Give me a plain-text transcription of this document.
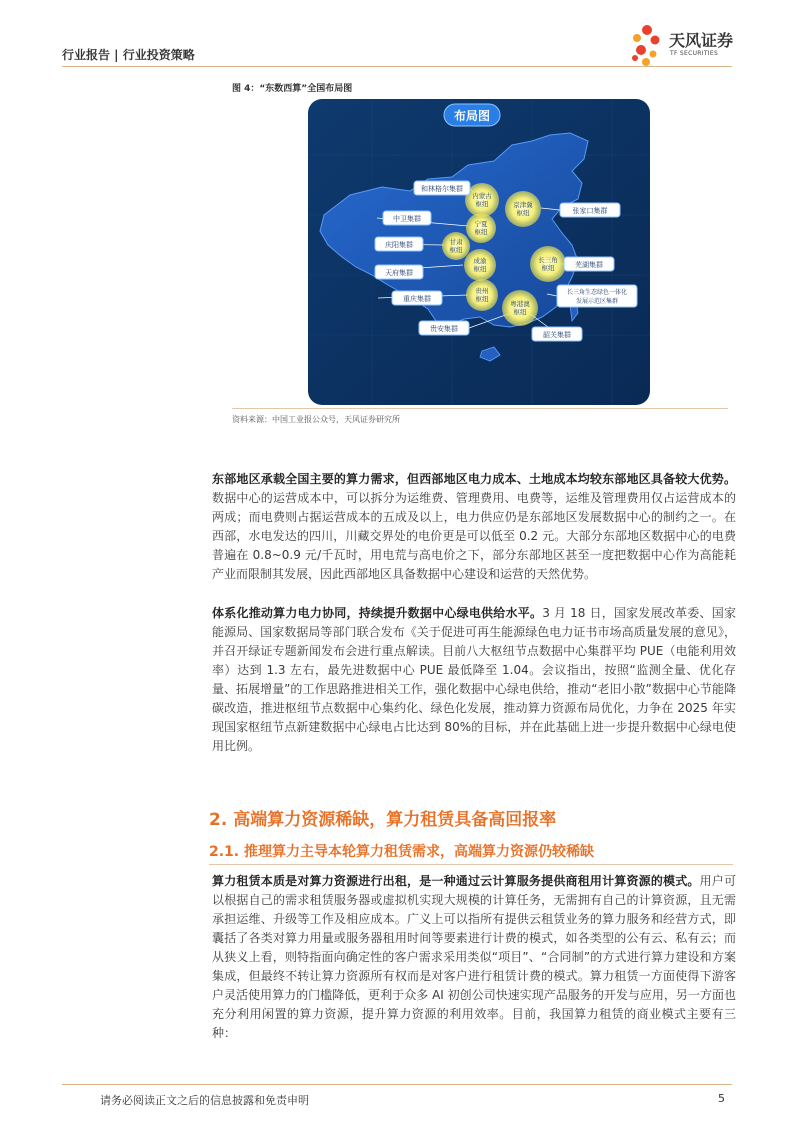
行业报告 | 行业投资策略
天风证券
TF SECURITIES
图 4：“东数西算”全国布局图
布局图
内蒙古
枢纽	京津冀
枢纽
宁夏
枢纽
甘肃
枢纽
成渝
枢纽
长三角
枢纽
贵州
枢纽
粤港澳
枢纽
和林格尔集群
张家口集群
中卫集群
庆阳集群
芜湖集群
天府集群
长三角生态绿色一体化
发展示范区集群
重庆集群
贵安集群
韶关集群
资料来源：中国工业报公众号，天风证券研究所

东部地区承载全国主要的算力需求，但西部地区电力成本、土地成本均较东部地区具备较大优势。数据中心的运营成本中，可以拆分为运维费、管理费用、电费等，运维及管理费用仅占运营成本的两成；而电费则占据运营成本的五成及以上，电力供应仍是东部地区发展数据中心的制约之一。在西部，水电发达的四川，川藏交界处的电价更是可以低至 0.2 元。大部分东部地区数据中心的电费普遍在 0.8~0.9 元/千瓦时，用电荒与高电价之下，部分东部地区甚至一度把数据中心作为高能耗产业而限制其发展，因此西部地区具备数据中心建设和运营的天然优势。

体系化推动算力电力协同，持续提升数据中心绿电供给水平。3 月 18 日，国家发展改革委、国家能源局、国家数据局等部门联合发布《关于促进可再生能源绿色电力证书市场高质量发展的意见》，并召开绿证专题新闻发布会进行重点解读。目前八大枢纽节点数据中心集群平均 PUE（电能利用效率）达到 1.3 左右，最先进数据中心 PUE 最低降至 1.04。会议指出，按照“监测全量、优化存量、拓展增量”的工作思路推进相关工作，强化数据中心绿电供给，推动“老旧小散”数据中心节能降碳改造，推进枢纽节点数据中心集约化、绿色化发展，推动算力资源布局优化，力争在 2025 年实现国家枢纽节点新建数据中心绿电占比达到 80%的目标，并在此基础上进一步提升数据中心绿电使用比例。

2. 高端算力资源稀缺，算力租赁具备高回报率
2.1. 推理算力主导本轮算力租赁需求，高端算力资源仍较稀缺

算力租赁本质是对算力资源进行出租，是一种通过云计算服务提供商租用计算资源的模式。用户可以根据自己的需求租赁服务器或虚拟机实现大规模的计算任务，无需拥有自己的计算资源，且无需承担运维、升级等工作及相应成本。广义上可以指所有提供云租赁业务的算力服务和经营方式，即囊括了各类对算力用量或服务器租用时间等要素进行计费的模式，如各类型的公有云、私有云；而从狭义上看，则特指面向确定性的客户需求采用类似“项目”、“合同制”的方式进行算力建设和方案集成，但最终不转让算力资源所有权而是对客户进行租赁计费的模式。算力租赁一方面使得下游客户灵活使用算力的门槛降低，更利于众多 AI 初创公司快速实现产品服务的开发与应用，另一方面也充分利用闲置的算力资源，提升算力资源的利用效率。目前，我国算力租赁的商业模式主要有三种：

请务必阅读正文之后的信息披露和免责申明	5
